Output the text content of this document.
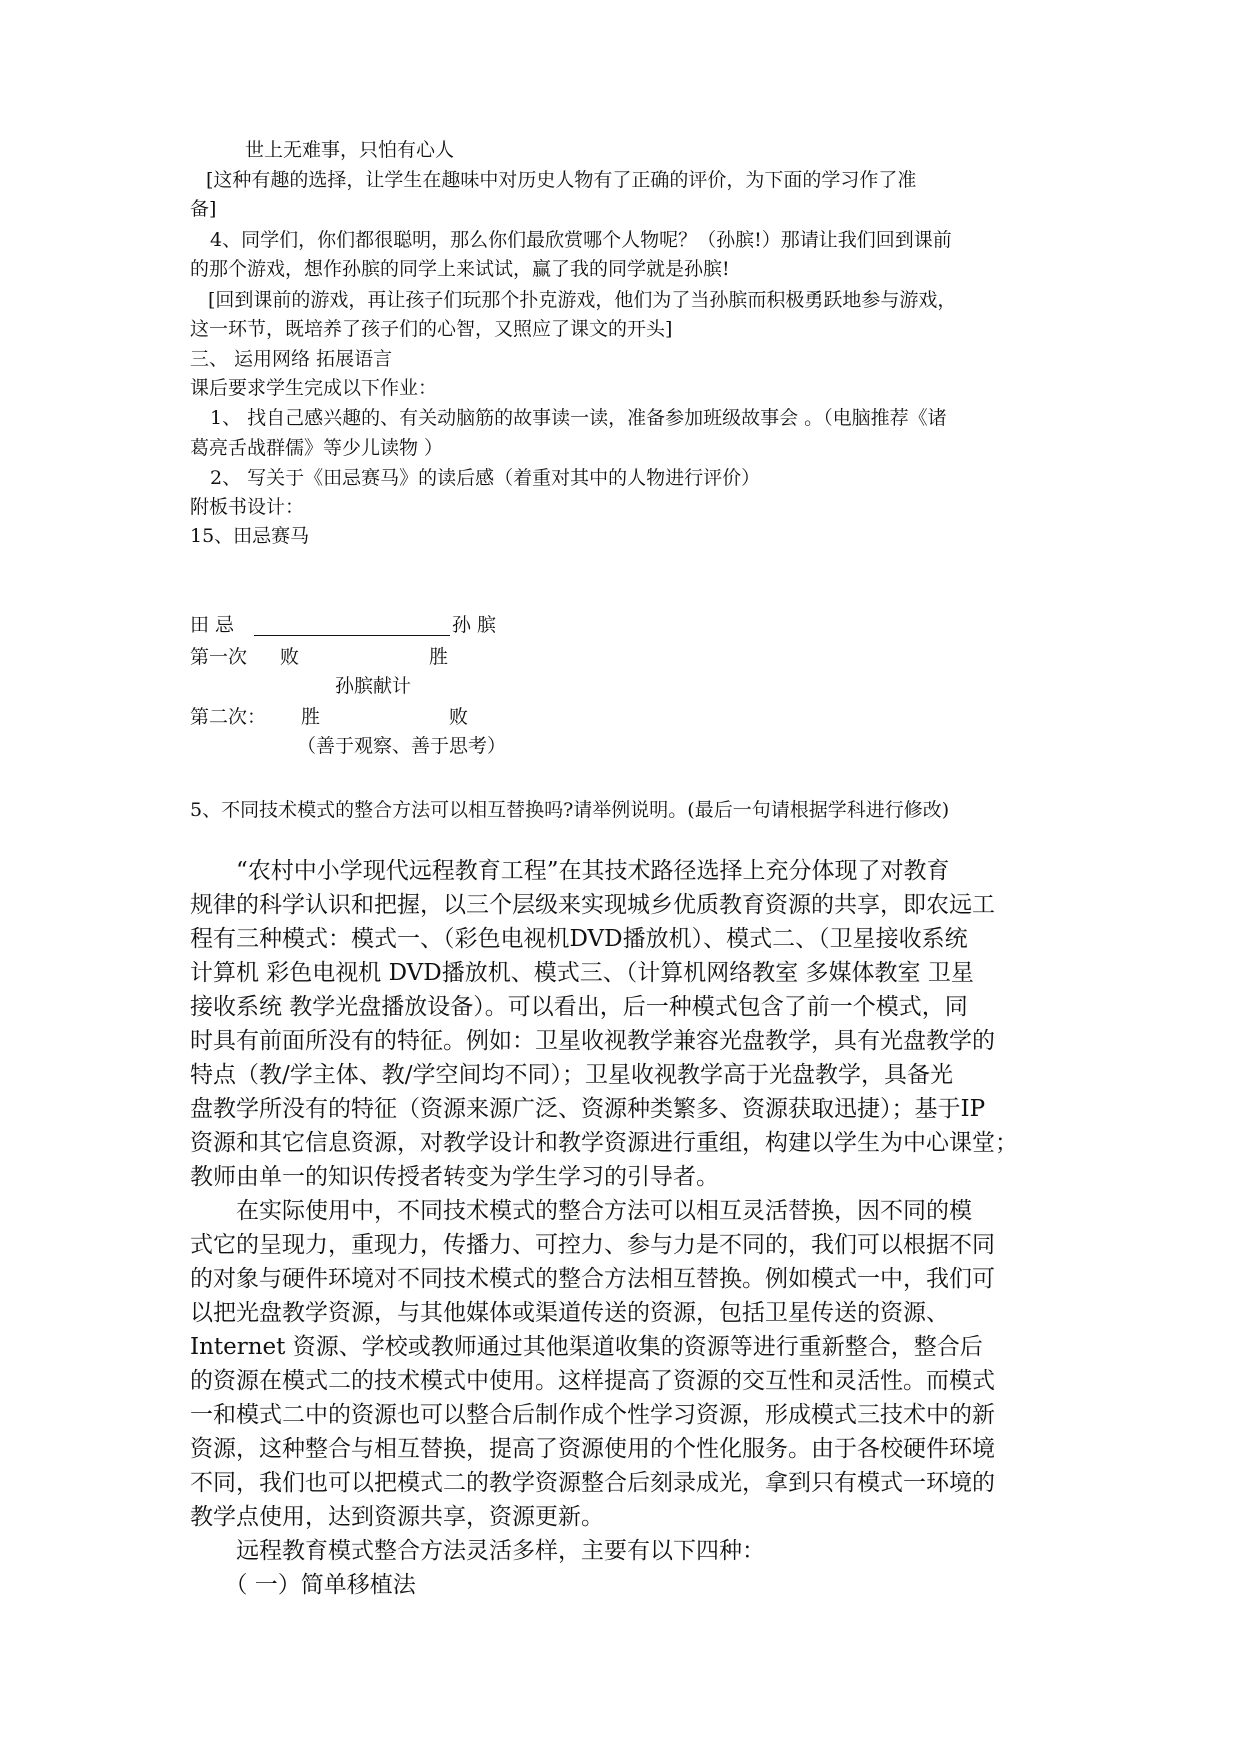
世上无难事，只怕有心人
[这种有趣的选择，让学生在趣味中对历史人物有了正确的评价，为下面的学习作了准
备]
4、同学们，你们都很聪明，那么你们最欣赏哪个人物呢？（孙膑!）那请让我们回到课前
的那个游戏，想作孙膑的同学上来试试，赢了我的同学就是孙膑!
[回到课前的游戏，再让孩子们玩那个扑克游戏，他们为了当孙膑而积极勇跃地参与游戏，
这一环节，既培养了孩子们的心智，又照应了课文的开头]
三、 运用网络 拓展语言
课后要求学生完成以下作业：
1、 找自己感兴趣的、有关动脑筋的故事读一读，准备参加班级故事会 。（电脑推荐《诸
葛亮舌战群儒》等少儿读物 ）
2、 写关于《田忌赛马》的读后感（着重对其中的人物进行评价）
附板书设计：
15、田忌赛马
田 忌	孙 膑
第一次	败	胜
孙膑献计
第二次：	胜	败
（善于观察、善于思考）
5、不同技术模式的整合方法可以相互替换吗?请举例说明。(最后一句请根据学科进行修改)
　　“农村中小学现代远程教育工程”在其技术路径选择上充分体现了对教育
规律的科学认识和把握，以三个层级来实现城乡优质教育资源的共享，即农远工
程有三种模式：模式一、（彩色电视机DVD播放机）、模式二、（卫星接收系统
计算机 彩色电视机 DVD播放机、模式三、（计算机网络教室 多媒体教室 卫星
接收系统 教学光盘播放设备）。可以看出，后一种模式包含了前一个模式，同
时具有前面所没有的特征。例如：卫星收视教学兼容光盘教学，具有光盘教学的
特点（教/学主体、教/学空间均不同）；卫星收视教学高于光盘教学，具备光
盘教学所没有的特征（资源来源广泛、资源种类繁多、资源获取迅捷）；基于IP
资源和其它信息资源，对教学设计和教学资源进行重组，构建以学生为中心课堂；
教师由单一的知识传授者转变为学生学习的引导者。
　　在实际使用中，不同技术模式的整合方法可以相互灵活替换，因不同的模
式它的呈现力，重现力，传播力、可控力、参与力是不同的，我们可以根据不同
的对象与硬件环境对不同技术模式的整合方法相互替换。例如模式一中，我们可
以把光盘教学资源，与其他媒体或渠道传送的资源，包括卫星传送的资源、
Internet 资源、学校或教师通过其他渠道收集的资源等进行重新整合，整合后
的资源在模式二的技术模式中使用。这样提高了资源的交互性和灵活性。而模式
一和模式二中的资源也可以整合后制作成个性学习资源，形成模式三技术中的新
资源，这种整合与相互替换，提高了资源使用的个性化服务。由于各校硬件环境
不同，我们也可以把模式二的教学资源整合后刻录成光，拿到只有模式一环境的
教学点使用，达到资源共享，资源更新。
　　远程教育模式整合方法灵活多样，主要有以下四种：
　　（ 一）简单移植法
